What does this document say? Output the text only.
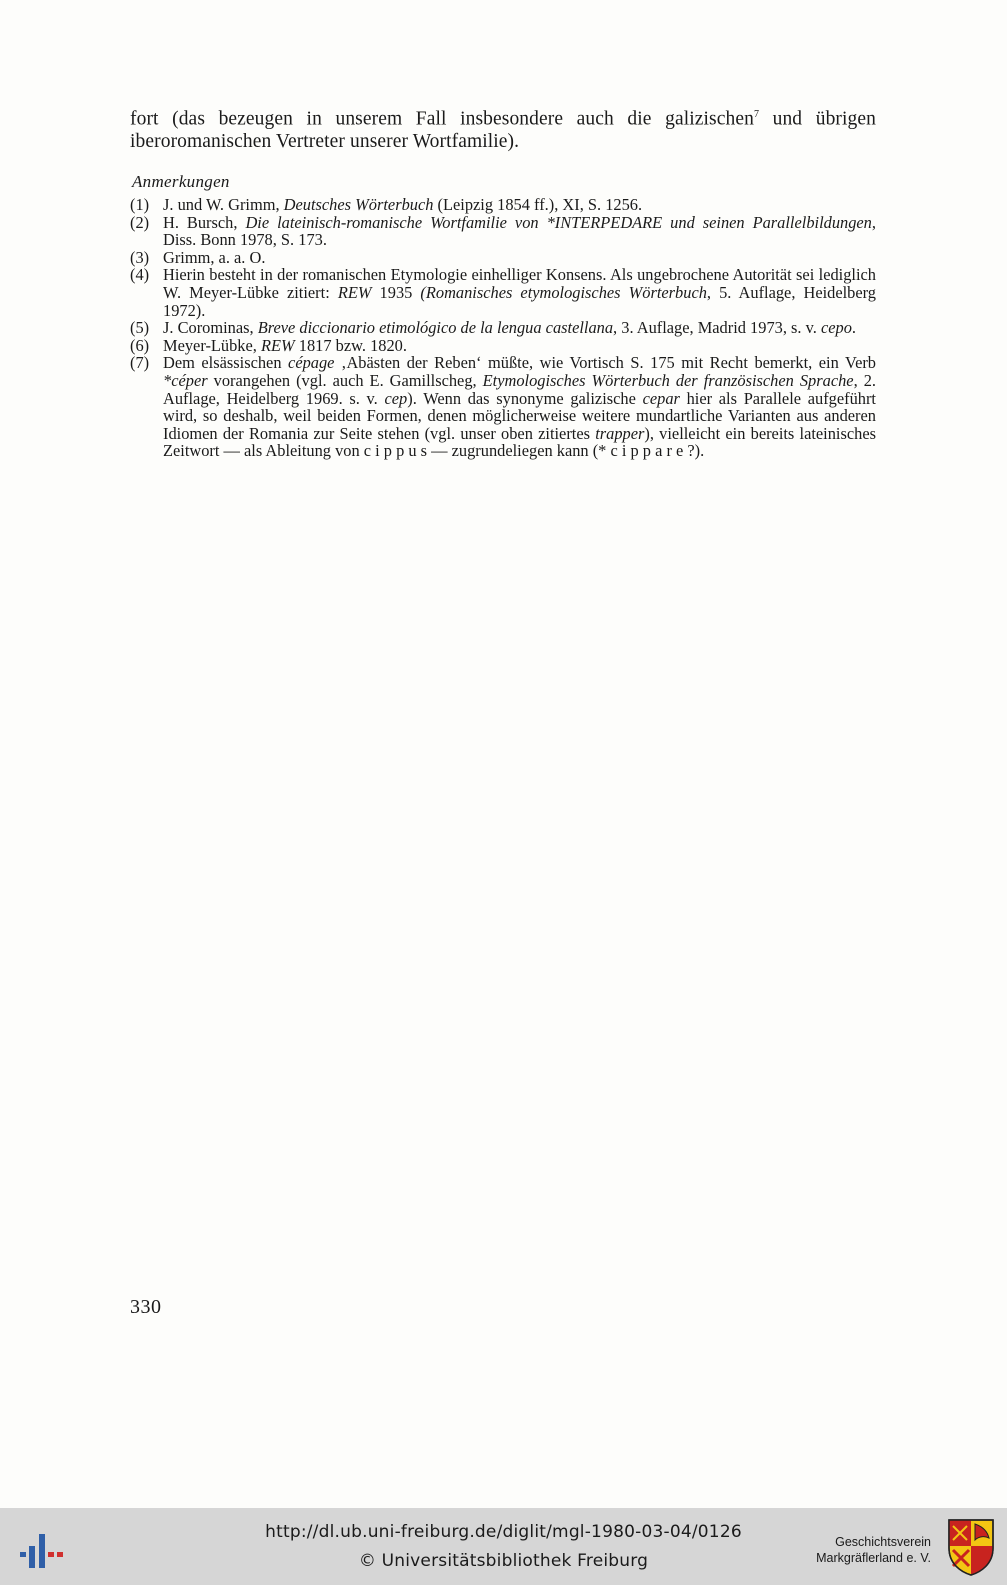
fort (das bezeugen in unserem Fall insbesondere auch die galizischen$^7$ und übrigen iberoromanischen Vertreter unserer Wortfamilie).
Anmerkungen
(1) J. und W. Grimm, Deutsches Wörterbuch (Leipzig 1854 ff.), XI, S. 1256.
(2) H. Bursch, Die lateinisch-romanische Wortfamilie von *INTERPEDARE und seinen Parallelbildungen, Diss. Bonn 1978, S. 173.
(3) Grimm, a. a. O.
(4) Hierin besteht in der romanischen Etymologie einhelliger Konsens. Als ungebrochene Autorität sei lediglich W. Meyer-Lübke zitiert: REW 1935 (Romanisches etymologisches Wörterbuch, 5. Auflage, Heidelberg 1972).
(5) J. Corominas, Breve diccionario etimológico de la lengua castellana, 3. Auflage, Madrid 1973, s. v. cepo.
(6) Meyer-Lübke, REW 1817 bzw. 1820.
(7) Dem elsässischen cépage ‚Abästen der Reben‘ müßte, wie Vortisch S. 175 mit Recht bemerkt, ein Verb *céper vorangehen (vgl. auch E. Gamillscheg, Etymologisches Wörterbuch der französischen Sprache, 2. Auflage, Heidelberg 1969. s. v. cep). Wenn das synonyme galizische cepar hier als Parallele aufgeführt wird, so deshalb, weil beiden Formen, denen möglicherweise weitere mundartliche Varianten aus anderen Idiomen der Romania zur Seite stehen (vgl. unser oben zitiertes trapper), vielleicht ein bereits lateinisches Zeitwort — als Ableitung von c i p p u s — zugrundeliegen kann (* c i p p a r e ?).
330
http://dl.ub.uni-freiburg.de/diglit/mgl-1980-03-04/0126
© Universitätsbibliothek Freiburg
Geschichtsverein
Markgräflerland e. V.
